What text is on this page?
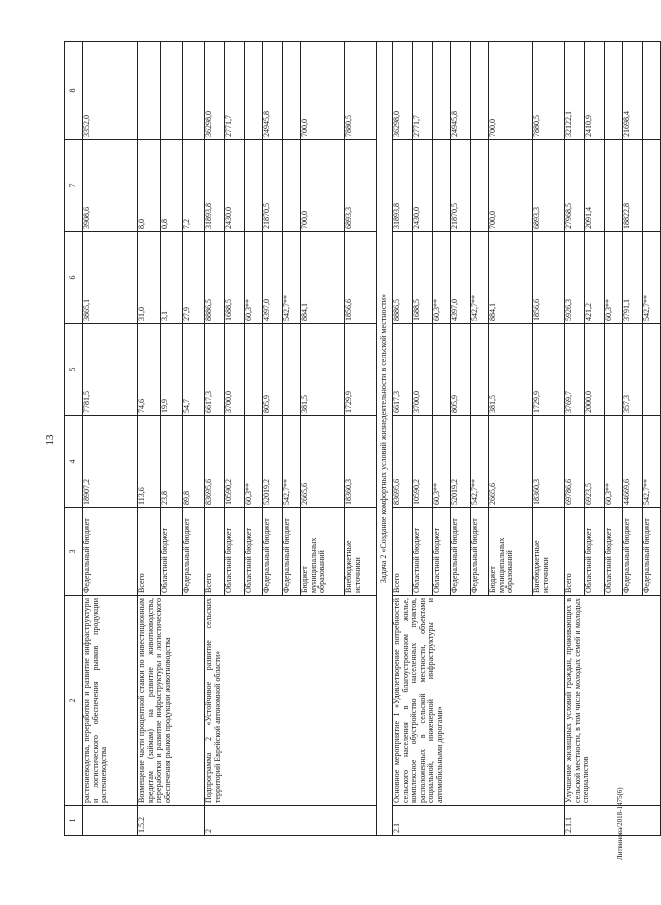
13
Литвинова/2018-1475(6)
1	2	3	4	5	6	7	8
	растениеводства, переработки и развитие инфраструктуры и логистического обеспечения рынков продукции растениеводства	Федеральный бюджет	18907,2	7781,5	3865,1	3908,6	3352,0
1.5.2	Возмещение части процентной ставки по инвестиционным кредитам (займам) на развитие животноводства, переработки и развитие инфраструктуры и логистического обеспечения рынков продукции животноводства	Всего	113,6	74,6	31,0	8,0	
		Областной бюджет	23,8	19,9	3,1	0,8	
		Федеральный бюджет	89,8	54,7	27,9	7,2	
2	Подпрограмма 2 «Устойчивое развитие сельских территорий Еврейской автономной области»	Всего	83695,6	6617,3	8886,5	31893,8	36298,0
		Областной бюджет	10590,2	3700,0	1688,5	2430,0	2771,7
		Областной бюджет	60,3**		60,3**		
		Федеральный бюджет	52019,2	805,9	4397,0	21870,5	24945,8
		Федеральный бюджет	542,7**		542,7**		
		Бюджет муниципальных образований	2665,6	381,5	884,1	700,0	700,0
		Внебюджетные источники	18360,3	1729,9	1856,6	6893,3	7880,5
Задача 2 «Создание комфортных условий жизнедеятельности в сельской местности»							
2.1	Основное мероприятие 1 «Удовлетворение потребностей сельского населения в благоустроенном жилье, комплексное обустройство населенных пунктов, расположенных в сельской местности, объектами социальной, инженерной инфраструктуры и автомобильными дорогами»	Всего	83695,6	6617,3	8886,5	31893,8	36298,0
		Областной бюджет	10590,2	3700,0	1688,5	2430,0	2771,7
		Областной бюджет	60,3**		60,3**		
		Федеральный бюджет	52019,2	805,9	4397,0	21870,5	24945,8
		Федеральный бюджет	542,7**		542,7**		
		Бюджет муниципальных образований	2665,6	381,5	884,1	700,0	700,0
		Внебюджетные источники	18360,3	1729,9	1856,6	6893,3	7880,5
2.1.1	Улучшение жилищных условий граждан, проживающих в сельской местности, в том числе молодых семей и молодых специалистов	Всего	69786,6	3769,7	5926,3	27968,5	32122,1
		Областной бюджет	6923,5	2000,0	421,2	2091,4	2410,9
		Областной бюджет	60,3**		60,3**		
		Федеральный бюджет	44669,6	357,3	3791,1	18822,8	21698,4
		Федеральный бюджет	542,7**		542,7**		
